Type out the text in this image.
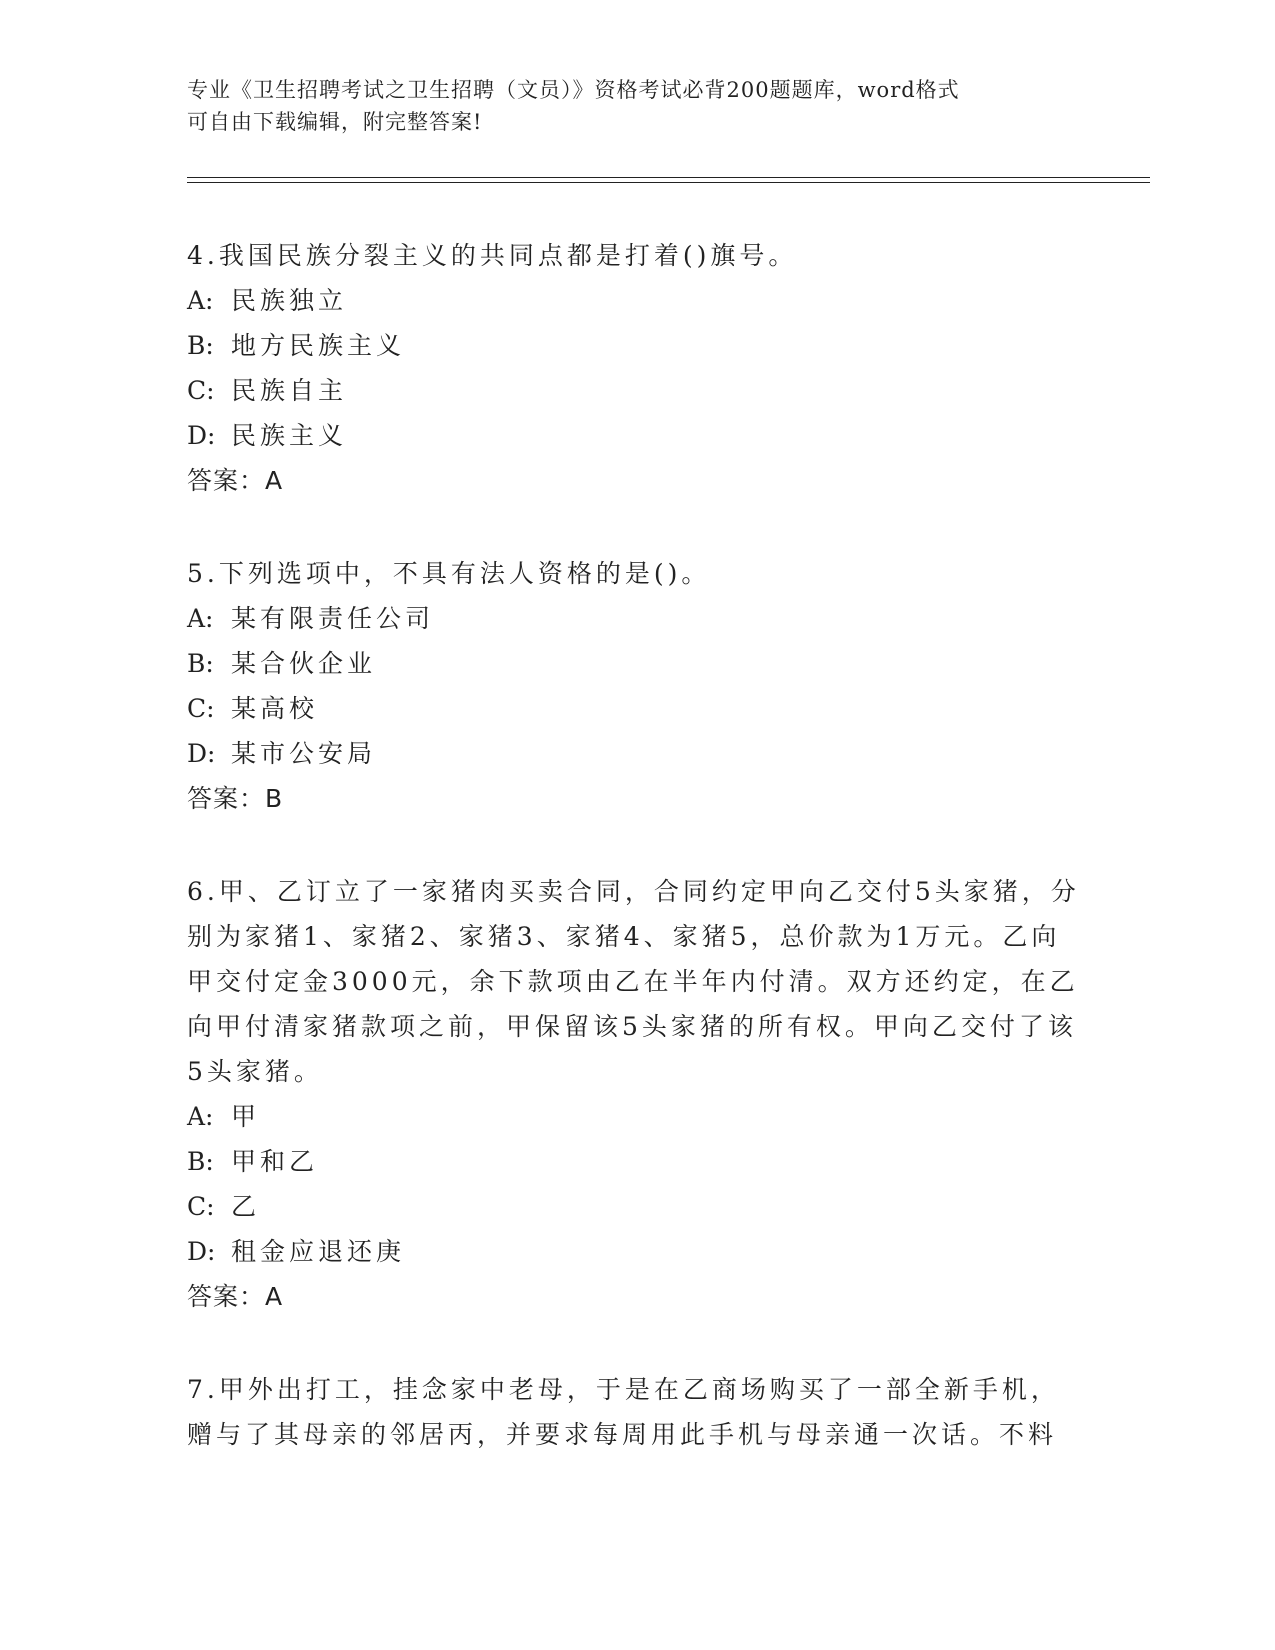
专业《卫生招聘考试之卫生招聘（文员）》资格考试必背200题题库，word格式
可自由下载编辑，附完整答案!
4.我国民族分裂主义的共同点都是打着()旗号。
A: 民族独立
B: 地方民族主义
C: 民族自主
D: 民族主义
答案：A
5.下列选项中，不具有法人资格的是()。
A: 某有限责任公司
B: 某合伙企业
C: 某高校
D: 某市公安局
答案：B
6.甲、乙订立了一家猪肉买卖合同，合同约定甲向乙交付5头家猪，分别为家猪1、家猪2、家猪3、家猪4、家猪5，总价款为1万元。乙向甲交付定金3000元，余下款项由乙在半年内付清。双方还约定，在乙向甲付清家猪款项之前，甲保留该5头家猪的所有权。甲向乙交付了该5头家猪。
A: 甲
B: 甲和乙
C: 乙
D: 租金应退还庚
答案：A
7.甲外出打工，挂念家中老母，于是在乙商场购买了一部全新手机，赠与了其母亲的邻居丙，并要求每周用此手机与母亲通一次话。不料
